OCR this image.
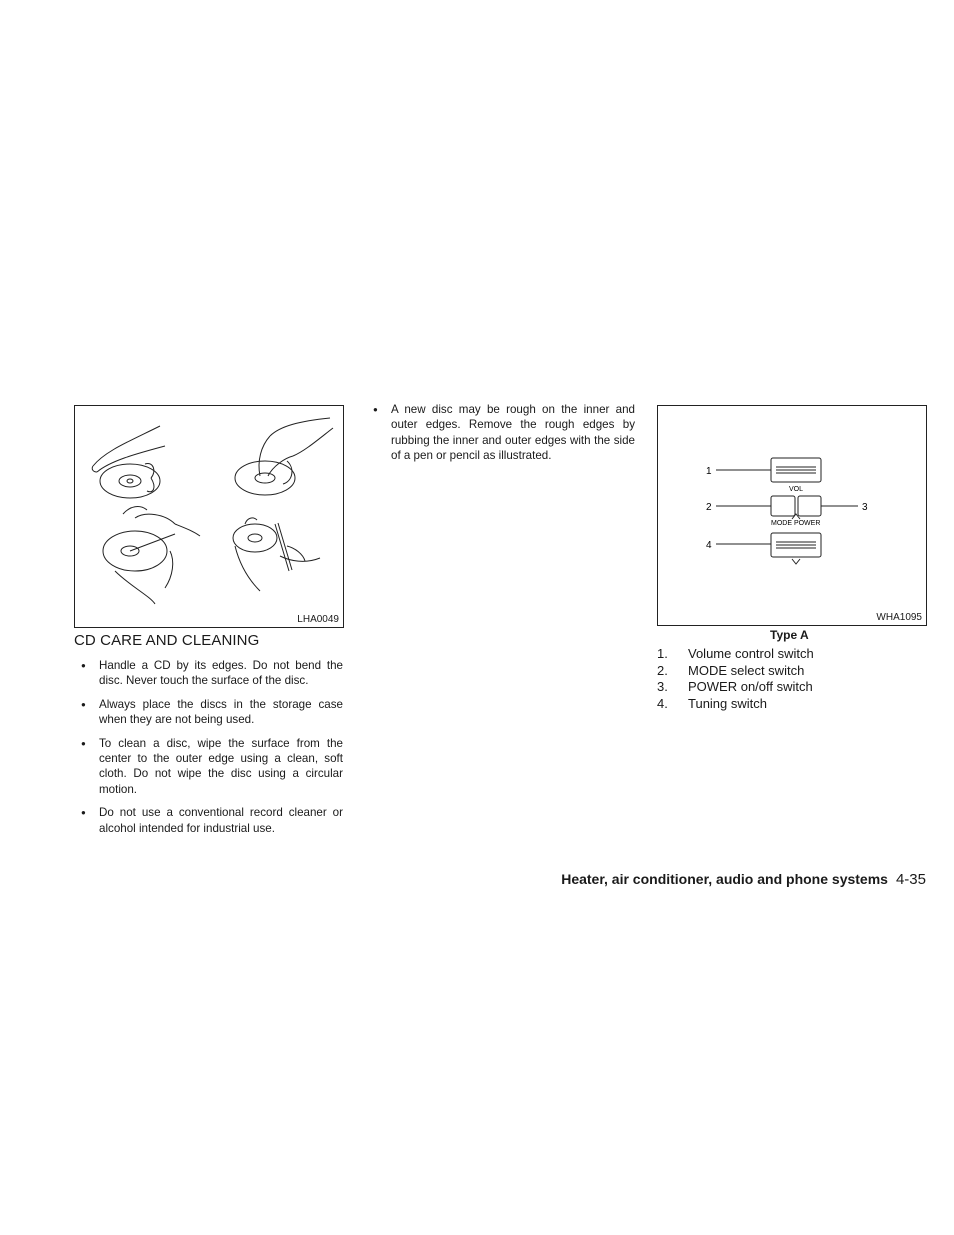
LHA0049
1
2	3
4
VOL
MODE POWER
WHA1095
CD CARE AND CLEANING
● Handle a CD by its edges. Do not bend the disc. Never touch the surface of the disc.
● Always place the discs in the storage case when they are not being used.
● To clean a disc, wipe the surface from the center to the outer edge using a clean, soft cloth. Do not wipe the disc using a circular motion.
● Do not use a conventional record cleaner or alcohol intended for industrial use.
● A new disc may be rough on the inner and outer edges. Remove the rough edges by rubbing the inner and outer edges with the side of a pen or pencil as illustrated.
Type A
1. Volume control switch
2. MODE select switch
3. POWER on/off switch
4. Tuning switch
Heater, air conditioner, audio and phone systems 4-35
